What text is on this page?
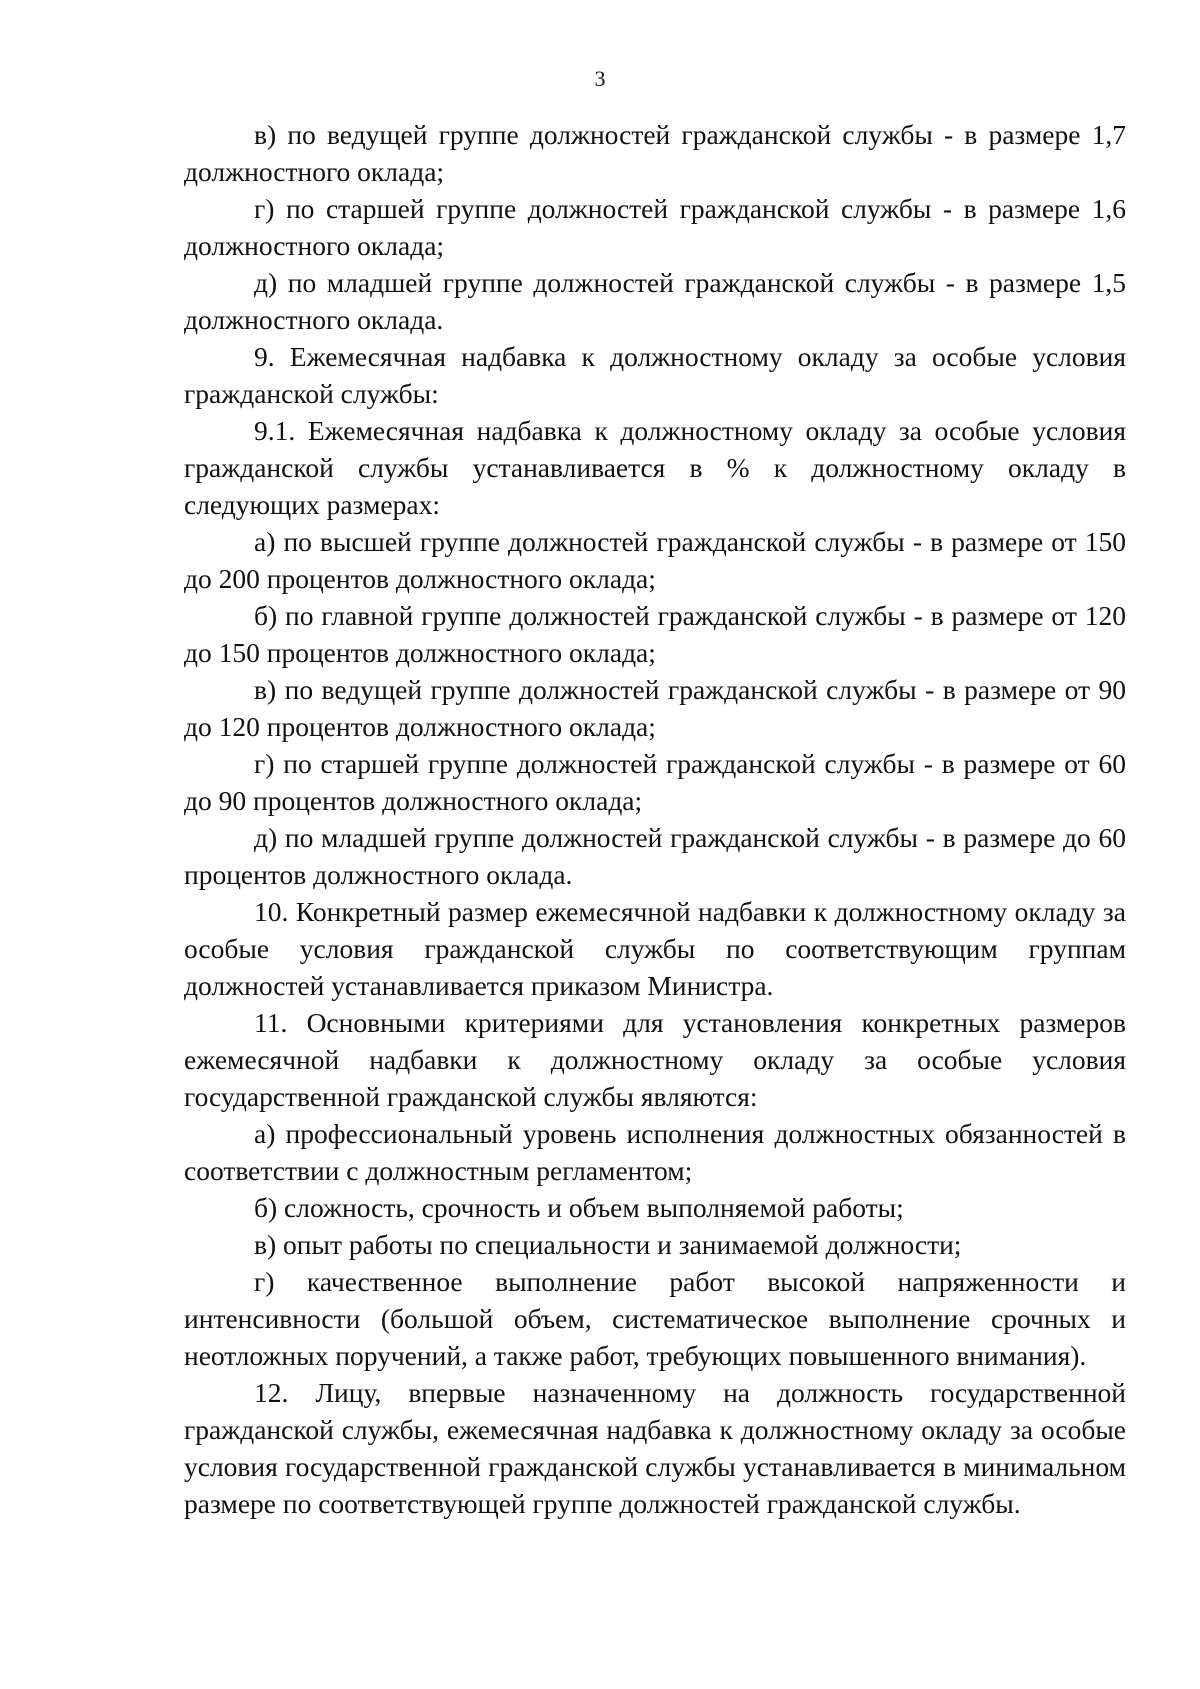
3

в) по ведущей группе должностей гражданской службы - в размере 1,7 должностного оклада;

г) по старшей группе должностей гражданской службы - в размере 1,6 должностного оклада;

д) по младшей группе должностей гражданской службы - в размере 1,5 должностного оклада.

9. Ежемесячная надбавка к должностному окладу за особые условия гражданской службы:

9.1. Ежемесячная надбавка к должностному окладу за особые условия гражданской службы устанавливается в % к должностному окладу в следующих размерах:

а) по высшей группе должностей гражданской службы - в размере от 150 до 200 процентов должностного оклада;

б) по главной группе должностей гражданской службы - в размере от 120 до 150 процентов должностного оклада;

в) по ведущей группе должностей гражданской службы - в размере от 90 до 120 процентов должностного оклада;

г) по старшей группе должностей гражданской службы - в размере от 60 до 90 процентов должностного оклада;

д) по младшей группе должностей гражданской службы - в размере до 60 процентов должностного оклада.

10. Конкретный размер ежемесячной надбавки к должностному окладу за особые условия гражданской службы по соответствующим группам должностей устанавливается приказом Министра.

11. Основными критериями для установления конкретных размеров ежемесячной надбавки к должностному окладу за особые условия государственной гражданской службы являются:

а) профессиональный уровень исполнения должностных обязанностей в соответствии с должностным регламентом;

б) сложность, срочность и объем выполняемой работы;

в) опыт работы по специальности и занимаемой должности;

г) качественное выполнение работ высокой напряженности и интенсивности (большой объем, систематическое выполнение срочных и неотложных поручений, а также работ, требующих повышенного внимания).

12. Лицу, впервые назначенному на должность государственной гражданской службы, ежемесячная надбавка к должностному окладу за особые условия государственной гражданской службы устанавливается в минимальном размере по соответствующей группе должностей гражданской службы.
